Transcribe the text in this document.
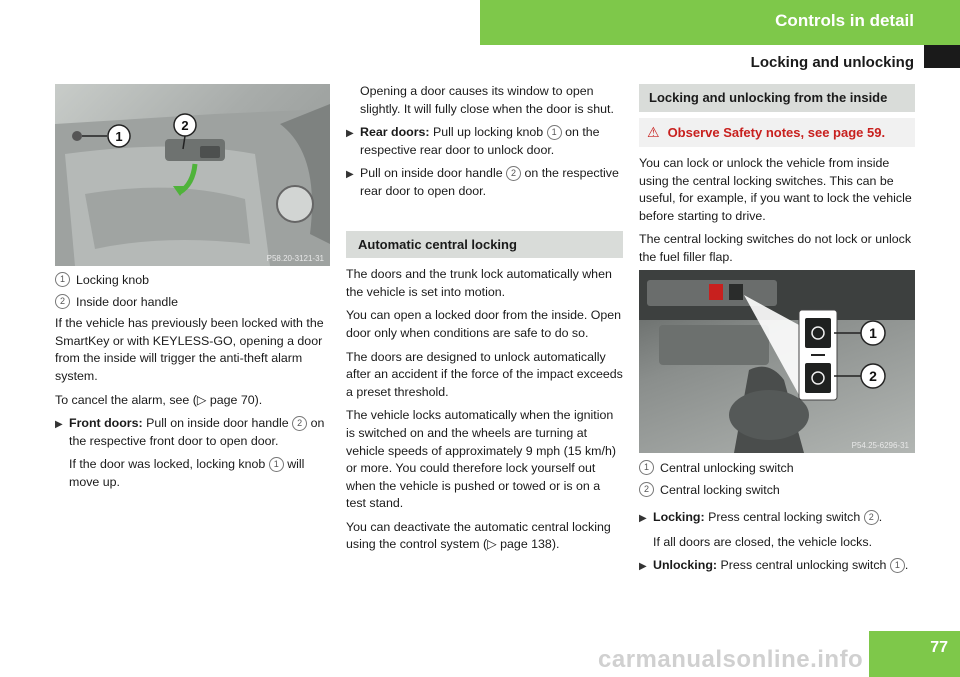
Controls in detail
Locking and unlocking
1
2
P58.20-3121-31
1 Locking knob
2 Inside door handle

If the vehicle has previously been locked with the SmartKey or with KEYLESS-GO, opening a door from the inside will trigger the anti-theft alarm system.

To cancel the alarm, see (▷ page 70).

▶ Front doors: Pull on inside door handle 2 on the respective front door to open door.

If the door was locked, locking knob 1 will move up.

Opening a door causes its window to open slightly. It will fully close when the door is shut.

▶ Rear doors: Pull up locking knob 1 on the respective rear door to unlock door.
▶ Pull on inside door handle 2 on the respective rear door to open door.
Automatic central locking

The doors and the trunk lock automatically when the vehicle is set into motion.

You can open a locked door from the inside. Open door only when conditions are safe to do so.

The doors are designed to unlock automatically after an accident if the force of the impact exceeds a preset threshold.

The vehicle locks automatically when the ignition is switched on and the wheels are turning at vehicle speeds of approximately 9 mph (15 km/h) or more. You could therefore lock yourself out when the vehicle is pushed or towed or is on a test stand.

You can deactivate the automatic central locking using the control system (▷ page 138).

Locking and unlocking from the inside
⚠ Observe Safety notes, see page 59.

You can lock or unlock the vehicle from inside using the central locking switches. This can be useful, for example, if you want to lock the vehicle before starting to drive.

The central locking switches do not lock or unlock the fuel filler flap.

1
2
P54.25-6296-31
1 Central unlocking switch
2 Central locking switch
▶ Locking: Press central locking switch 2 .

If all doors are closed, the vehicle locks.

▶ Unlocking: Press central unlocking switch 1 .
77
carmanualsonline.info
